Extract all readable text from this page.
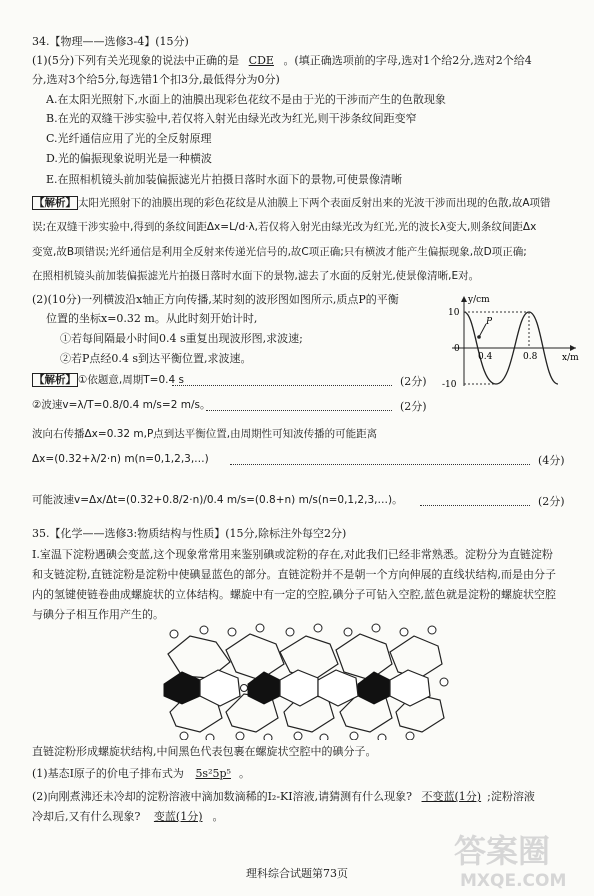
34.【物理——选修3-4】(15分)
(1)(5分)下列有关光现象的说法中正确的是 CDE 。(填正确选项前的字母,选对1个给2分,选对2个给4
分,选对3个给5分,每选错1个扣3分,最低得分为0分)
A.在太阳光照射下,水面上的油膜出现彩色花纹不是由于光的干涉而产生的色散现象
B.在光的双缝干涉实验中,若仅将入射光由绿光改为红光,则干涉条纹间距变窄
C.光纤通信应用了光的全反射原理
D.光的偏振现象说明光是一种横波
E.在照相机镜头前加装偏振滤光片拍摄日落时水面下的景物,可使景像清晰
【解析】 太阳光照射下的油膜出现的彩色花纹是从油膜上下两个表面反射出来的光波干涉而出现的色散,故A项错
误;在双缝干涉实验中,得到的条纹间距Δx=L/d·λ,若仅将入射光由绿光改为红光,光的波长λ变大,则条纹间距Δx
变宽,故B项错误;光纤通信是利用全反射来传递光信号的,故C项正确;只有横波才能产生偏振现象,故D项正确;
在照相机镜头前加装偏振滤光片拍摄日落时水面下的景物,滤去了水面的反射光,使景像清晰,E对。
(2)(10分)一列横波沿x轴正方向传播,某时刻的波形图如图所示,质点P的平衡
位置的坐标x=0.32 m。从此时刻开始计时,
①若每间隔最小时间0.4 s重复出现波形图,求波速;
②若P点经0.4 s到达平衡位置,求波速。
P
y/cm
x/m
10
0
-10
0.4	0.8
【解析】 ①依题意,周期T=0.4 s	(2分)
②波速v=λ/T=0.8/0.4 m/s=2 m/s。	(2分)
波向右传播Δx=0.32 m,P点到达平衡位置,由周期性可知波传播的可能距离
Δx=(0.32+λ/2·n) m(n=0,1,2,3,…)	(4分)
可能波速v=Δx/Δt=(0.32+0.8/2·n)/0.4 m/s=(0.8+n) m/s(n=0,1,2,3,…)。	(2分)
35.【化学——选修3:物质结构与性质】(15分,除标注外每空2分)
I.室温下淀粉遇碘会变蓝,这个现象常常用来鉴别碘或淀粉的存在,对此我们已经非常熟悉。淀粉分为直链淀粉
和支链淀粉,直链淀粉是淀粉中使碘显蓝色的部分。直链淀粉并不是朝一个方向伸展的直线状结构,而是由分子
内的氢键使链卷曲成螺旋状的立体结构。螺旋中有一定的空腔,碘分子可钻入空腔,蓝色就是淀粉的螺旋状空腔
与碘分子相互作用产生的。
直链淀粉形成螺旋状结构,中间黑色代表包裹在螺旋状空腔中的碘分子。
(1)基态I原子的价电子排布式为 5s²5p⁵ 。
(2)向刚煮沸还未冷却的淀粉溶液中滴加数滴稀的I₂-KI溶液,请猜测有什么现象? 不变蓝(1分) ;淀粉溶液
冷却后,又有什么现象? 变蓝(1分) 。
理科综合试题第73页
答案圈
MXQE.COM
